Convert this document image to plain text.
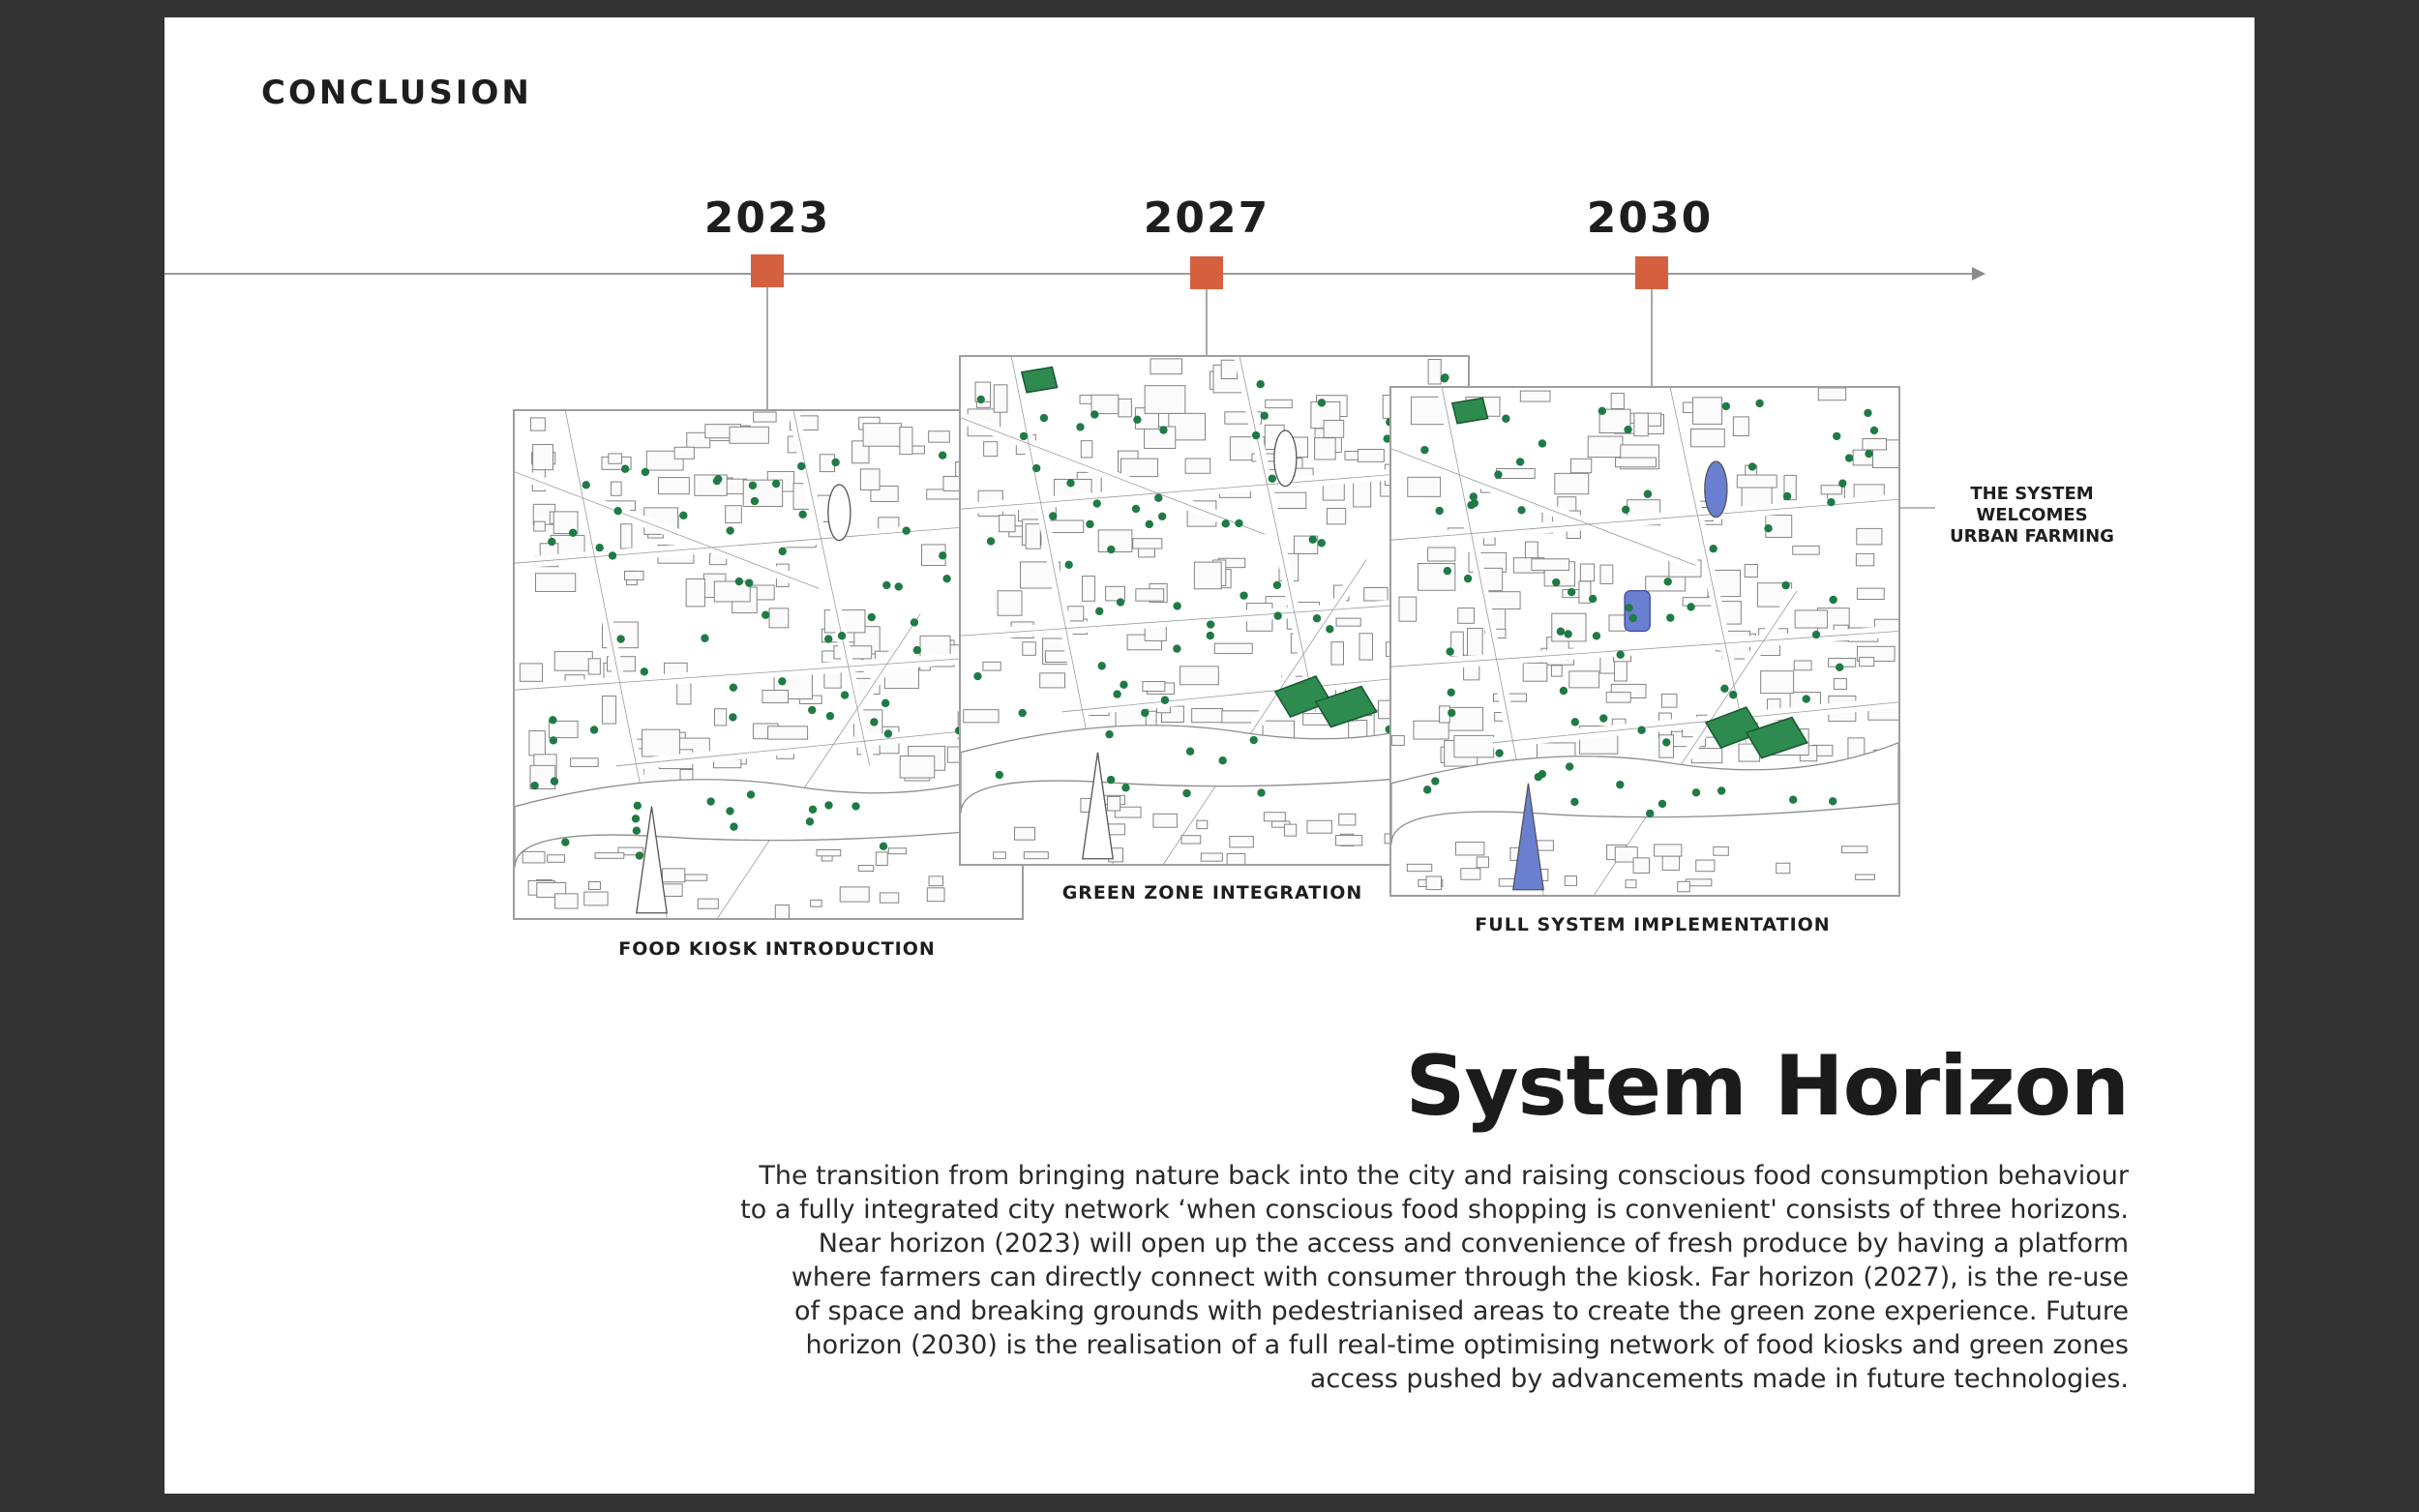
CONCLUSION
2023	2027	2030
FOOD KIOSK INTRODUCTION
GREEN ZONE INTEGRATION
FULL SYSTEM IMPLEMENTATION
THE SYSTEM
WELCOMES
URBAN FARMING
System Horizon
The transition from bringing nature back into the city and raising conscious food consumption behaviour
to a fully integrated city network ‘when conscious food shopping is convenient' consists of three horizons.
Near horizon (2023) will open up the access and convenience of fresh produce by having a platform
where farmers can directly connect with consumer through the kiosk. Far horizon (2027), is the re-use
of space and breaking grounds with pedestrianised areas to create the green zone experience. Future
horizon (2030) is the realisation of a full real-time optimising network of food kiosks and green zones
access pushed by advancements made in future technologies.
